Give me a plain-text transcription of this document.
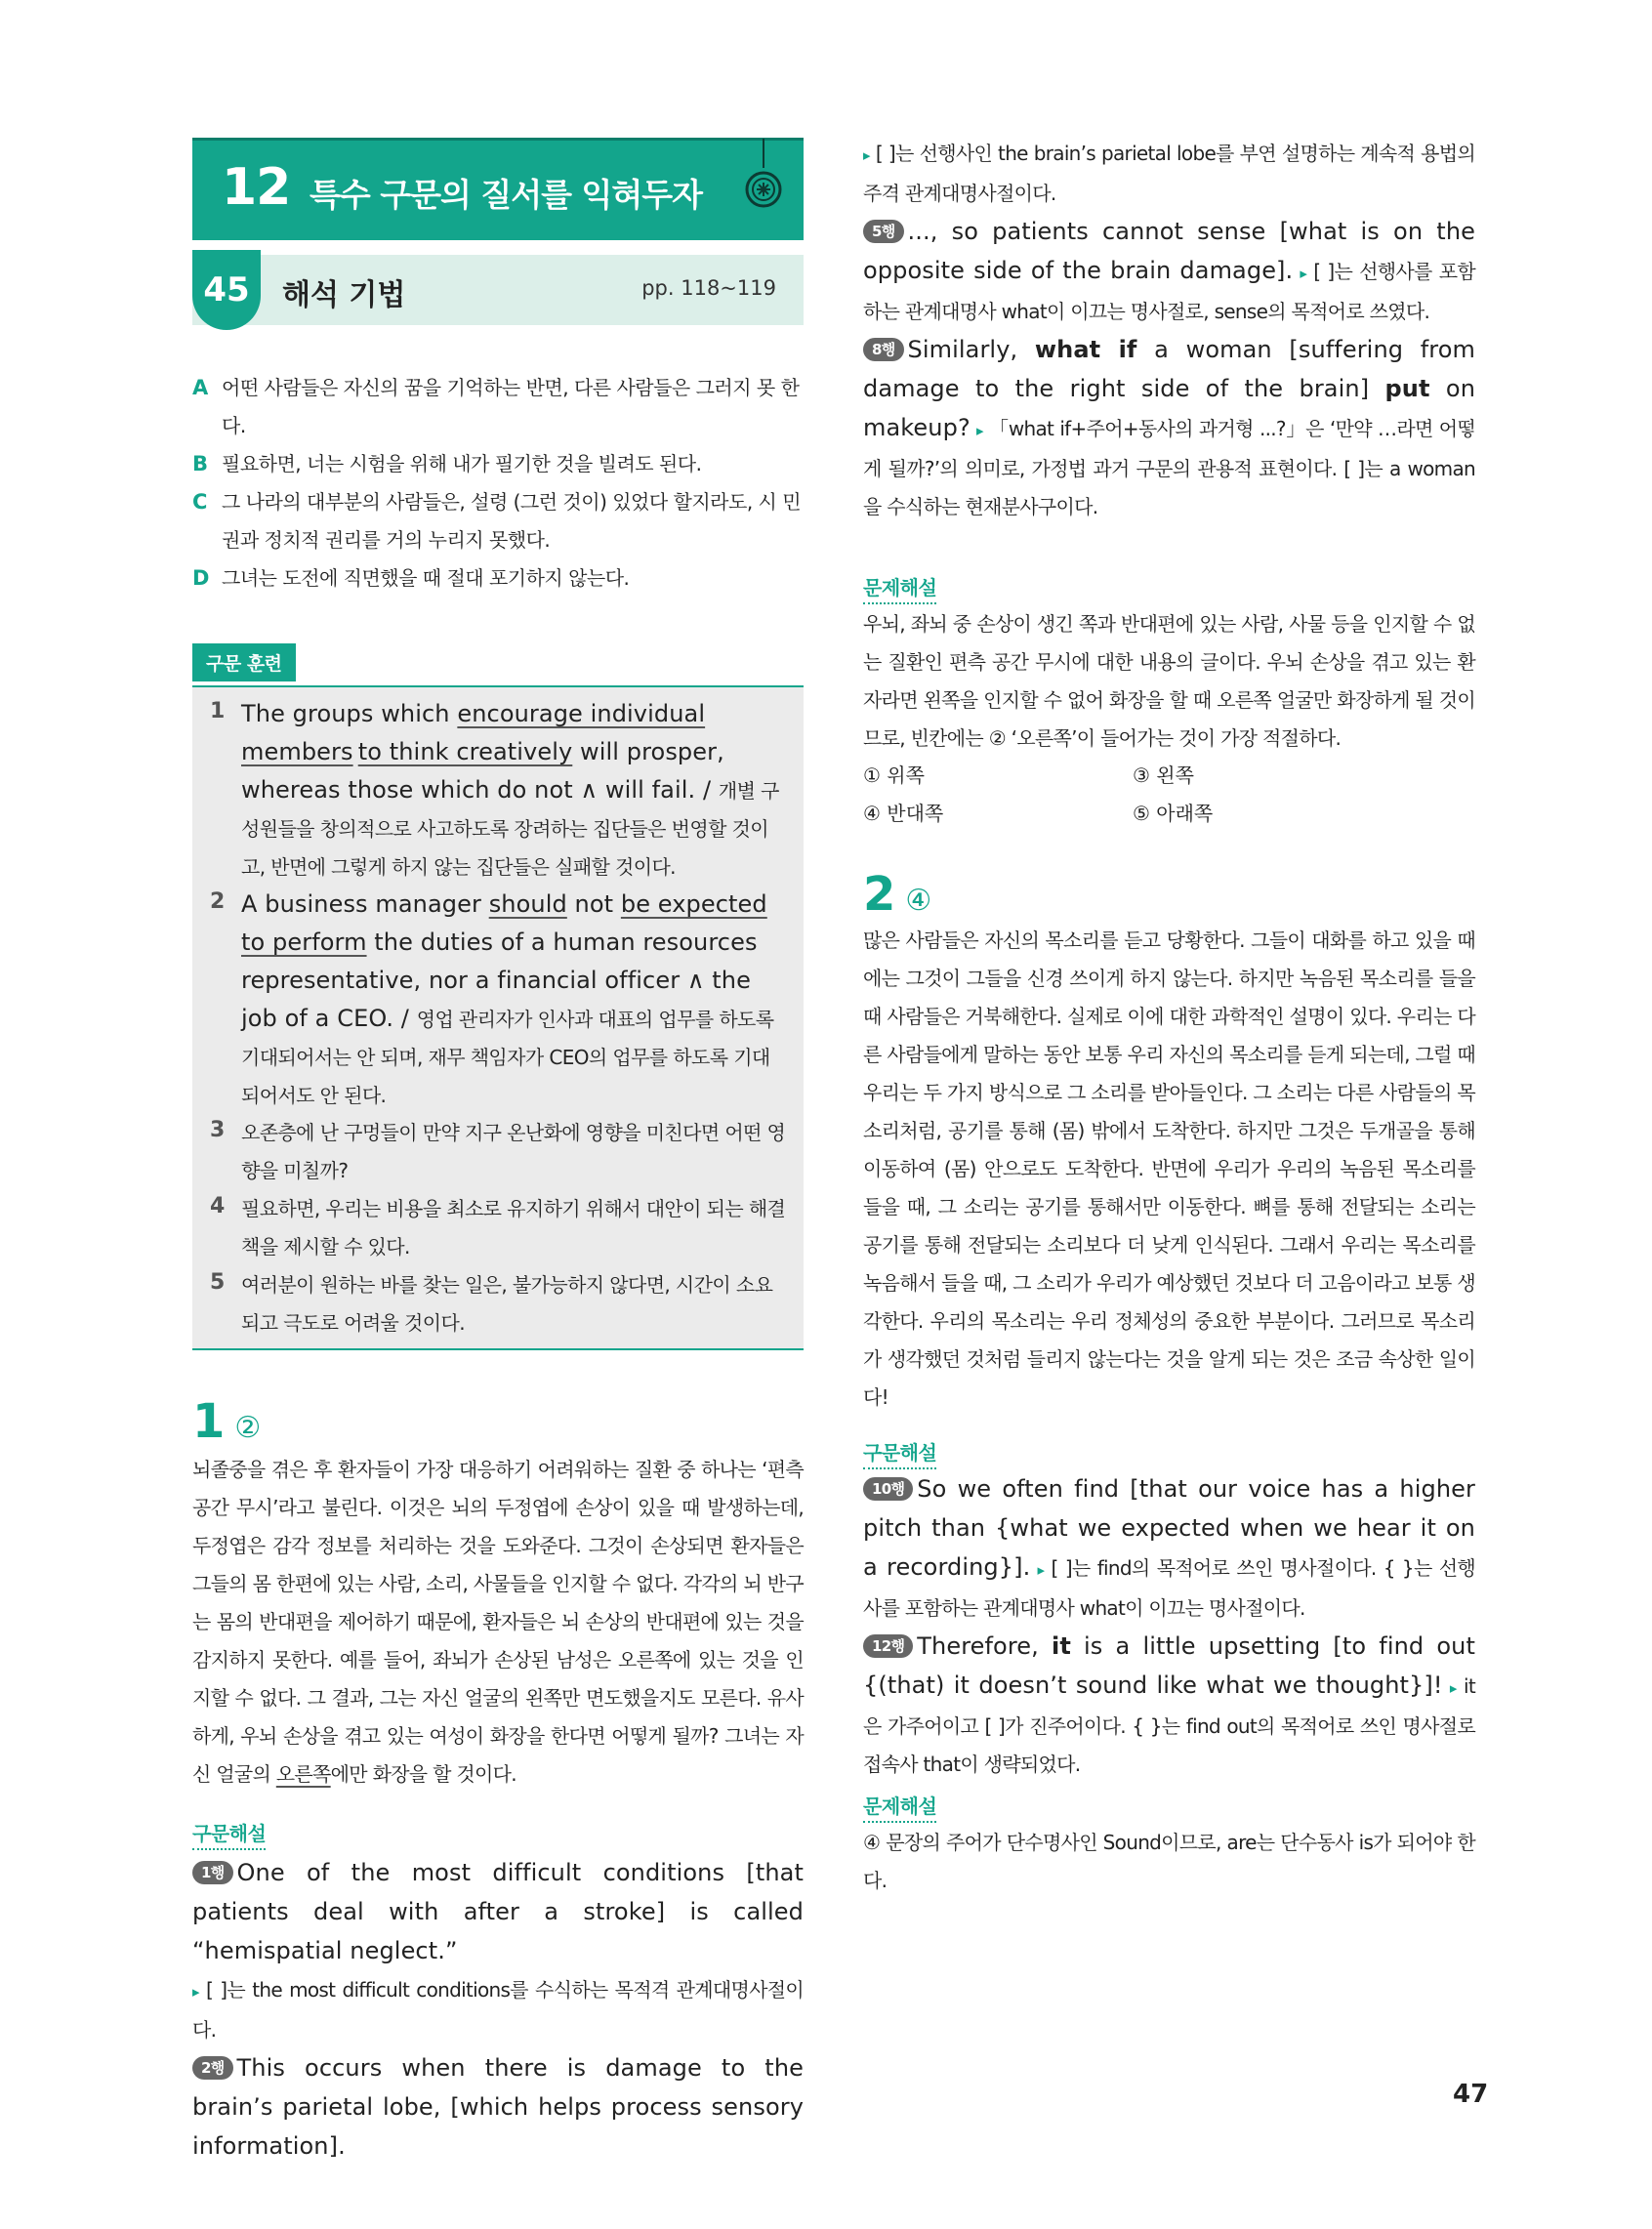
12 특수 구문의 질서를 익혀두자
45	해석 기법	pp. 118~119
A 어떤 사람들은 자신의 꿈을 기억하는 반면, 다른 사람들은 그러지 못 한다.
B 필요하면, 너는 시험을 위해 내가 필기한 것을 빌려도 된다.
C 그 나라의 대부분의 사람들은, 설령 (그런 것이) 있었다 할지라도, 시 민권과 정치적 권리를 거의 누리지 못했다.
D 그녀는 도전에 직면했을 때 절대 포기하지 않는다.
구문 훈련
1 The groups which encourage individual members to think creatively will prosper, whereas those which do not ∧ will fail. / 개별 구성원들을 창의적으로 사고하도록 장려하는 집단들은 번영할 것이고, 반면에 그렇게 하지 않는 집단들은 실패할 것이다.
2 A business manager should not be expected to perform the duties of a human resources representative, nor a financial officer ∧ the job of a CEO. / 영업 관리자가 인사과 대표의 업무를 하도록 기대되어서는 안 되며, 재무 책임자가 CEO의 업무를 하도록 기대되어서도 안 된다.
3 오존층에 난 구멍들이 만약 지구 온난화에 영향을 미친다면 어떤 영향을 미칠까?
4 필요하면, 우리는 비용을 최소로 유지하기 위해서 대안이 되는 해결책을 제시할 수 있다.
5 여러분이 원하는 바를 찾는 일은, 불가능하지 않다면, 시간이 소요되고 극도로 어려울 것이다.
1 ②
뇌졸중을 겪은 후 환자들이 가장 대응하기 어려워하는 질환 중 하나는 ‘편측 공간 무시’라고 불린다. 이것은 뇌의 두정엽에 손상이 있을 때 발생하는데, 두정엽은 감각 정보를 처리하는 것을 도와준다. 그것이 손상되면 환자들은 그들의 몸 한편에 있는 사람, 소리, 사물들을 인지할 수 없다. 각각의 뇌 반구는 몸의 반대편을 제어하기 때문에, 환자들은 뇌 손상의 반대편에 있는 것을 감지하지 못한다. 예를 들어, 좌뇌가 손상된 남성은 오른쪽에 있는 것을 인지할 수 없다. 그 결과, 그는 자신 얼굴의 왼쪽만 면도했을지도 모른다. 유사하게, 우뇌 손상을 겪고 있는 여성이 화장을 한다면 어떻게 될까? 그녀는 자신 얼굴의 오른쪽에만 화장을 할 것이다.
구문해설
1행 One of the most difficult conditions [that patients deal with after a stroke] is called “hemispatial neglect.”
▸ [ ]는 the most difficult conditions를 수식하는 목적격 관계대명사절이다.
2행 This occurs when there is damage to the brain’s parietal lobe, [which helps process sensory information].
▸ [ ]는 선행사인 the brain’s parietal lobe를 부연 설명하는 계속적 용법의 주격 관계대명사절이다.
5행 ..., so patients cannot sense [what is on the opposite side of the brain damage]. ▸ [ ]는 선행사를 포함하는 관계대명사 what이 이끄는 명사절로, sense의 목적어로 쓰였다.
8행 Similarly, what if a woman [suffering from damage to the right side of the brain] put on makeup? ▸ 「what if+주어+동사의 과거형 ...?」은 ‘만약 …라면 어떻게 될까?’의 의미로, 가정법 과거 구문의 관용적 표현이다. [ ]는 a woman을 수식하는 현재분사구이다.
문제해설
우뇌, 좌뇌 중 손상이 생긴 쪽과 반대편에 있는 사람, 사물 등을 인지할 수 없는 질환인 편측 공간 무시에 대한 내용의 글이다. 우뇌 손상을 겪고 있는 환자라면 왼쪽을 인지할 수 없어 화장을 할 때 오른쪽 얼굴만 화장하게 될 것이므로, 빈칸에는 ② ‘오른쪽’이 들어가는 것이 가장 적절하다.
① 위쪽	③ 왼쪽
④ 반대쪽	⑤ 아래쪽
2 ④
많은 사람들은 자신의 목소리를 듣고 당황한다. 그들이 대화를 하고 있을 때에는 그것이 그들을 신경 쓰이게 하지 않는다. 하지만 녹음된 목소리를 들을 때 사람들은 거북해한다. 실제로 이에 대한 과학적인 설명이 있다. 우리는 다른 사람들에게 말하는 동안 보통 우리 자신의 목소리를 듣게 되는데, 그럴 때 우리는 두 가지 방식으로 그 소리를 받아들인다. 그 소리는 다른 사람들의 목소리처럼, 공기를 통해 (몸) 밖에서 도착한다. 하지만 그것은 두개골을 통해 이동하여 (몸) 안으로도 도착한다. 반면에 우리가 우리의 녹음된 목소리를 들을 때, 그 소리는 공기를 통해서만 이동한다. 뼈를 통해 전달되는 소리는 공기를 통해 전달되는 소리보다 더 낮게 인식된다. 그래서 우리는 목소리를 녹음해서 들을 때, 그 소리가 우리가 예상했던 것보다 더 고음이라고 보통 생각한다. 우리의 목소리는 우리 정체성의 중요한 부분이다. 그러므로 목소리가 생각했던 것처럼 들리지 않는다는 것을 알게 되는 것은 조금 속상한 일이다!
구문해설
10행 So we often find [that our voice has a higher pitch than {what we expected when we hear it on a recording}]. ▸ [ ]는 find의 목적어로 쓰인 명사절이다. { }는 선행사를 포함하는 관계대명사 what이 이끄는 명사절이다.
12행 Therefore, it is a little upsetting [to find out {(that) it doesn’t sound like what we thought}]! ▸ it은 가주어이고 [ ]가 진주어이다. { }는 find out의 목적어로 쓰인 명사절로 접속사 that이 생략되었다.
문제해설
④ 문장의 주어가 단수명사인 Sound이므로, are는 단수동사 is가 되어야 한다.
47
